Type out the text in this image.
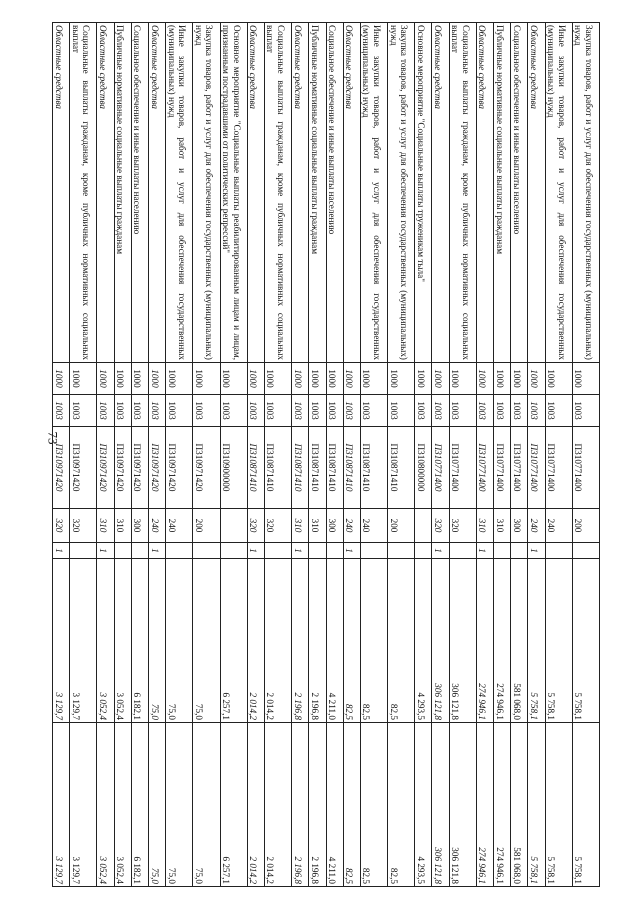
73
Закупка товаров, работ и услуг для обеспечения государственных (муниципальных) нужд	1000	1003	П310771400	200		5 758,1	5 758,1
Иные закупки товаров, работ и услуг для обеспечения государственных (муниципальных) нужд	1000	1003	П310771400	240		5 758,1	5 758,1
Областные средства	1000	1003	П310771400	240	1	5 758,1	5 758,1
Социальное обеспечение и иные выплаты населению	1000	1003	П310771400	300		581 068,0	581 068,0
Публичные нормативные социальные выплаты гражданам	1000	1003	П310771400	310		274 946,1	274 946,1
Областные средства	1000	1003	П310771400	310	1	274 946,1	274 946,1
Социальные выплаты гражданам, кроме публичных нормативных социальных выплат	1000	1003	П310771400	320		306 121,8	306 121,8
Областные средства	1000	1003	П310771400	320	1	306 121,8	306 121,8
Основное мероприятие "Социальные выплаты труженикам тыла"	1000	1003	П310800000			4 293,5	4 293,5
Закупка товаров, работ и услуг для обеспечения государственных (муниципальных) нужд	1000	1003	П310871410	200		82,5	82,5
Иные закупки товаров, работ и услуг для обеспечения государственных (муниципальных) нужд	1000	1003	П310871410	240		82,5	82,5
Областные средства	1000	1003	П310871410	240	1	82,5	82,5
Социальное обеспечение и иные выплаты населению	1000	1003	П310871410	300		4 211,0	4 211,0
Публичные нормативные социальные выплаты гражданам	1000	1003	П310871410	310		2 196,8	2 196,8
Областные средства	1000	1003	П310871410	310	1	2 196,8	2 196,8
Социальные выплаты гражданам, кроме публичных нормативных социальных выплат	1000	1003	П310871410	320		2 014,2	2 014,2
Областные средства	1000	1003	П310871410	320	1	2 014,2	2 014,2
Основное мероприятие "Социальные выплаты реабилитированным лицам и лицам, признанным пострадавшими от политических репрессий"	1000	1003	П310900000			6 257,1	6 257,1
Закупка товаров, работ и услуг для обеспечения государственных (муниципальных) нужд	1000	1003	П310971420	200		75,0	75,0
Иные закупки товаров, работ и услуг для обеспечения государственных (муниципальных) нужд	1000	1003	П310971420	240		75,0	75,0
Областные средства	1000	1003	П310971420	240	1	75,0	75,0
Социальное обеспечение и иные выплаты населению	1000	1003	П310971420	300		6 182,1	6 182,1
Публичные нормативные социальные выплаты гражданам	1000	1003	П310971420	310		3 052,4	3 052,4
Областные средства	1000	1003	П310971420	310	1	3 052,4	3 052,4
Социальные выплаты гражданам, кроме публичных нормативных социальных выплат	1000	1003	П310971420	320		3 129,7	3 129,7
Областные средства	1000	1003	П310971420	320	1	3 129,7	3 129,7
